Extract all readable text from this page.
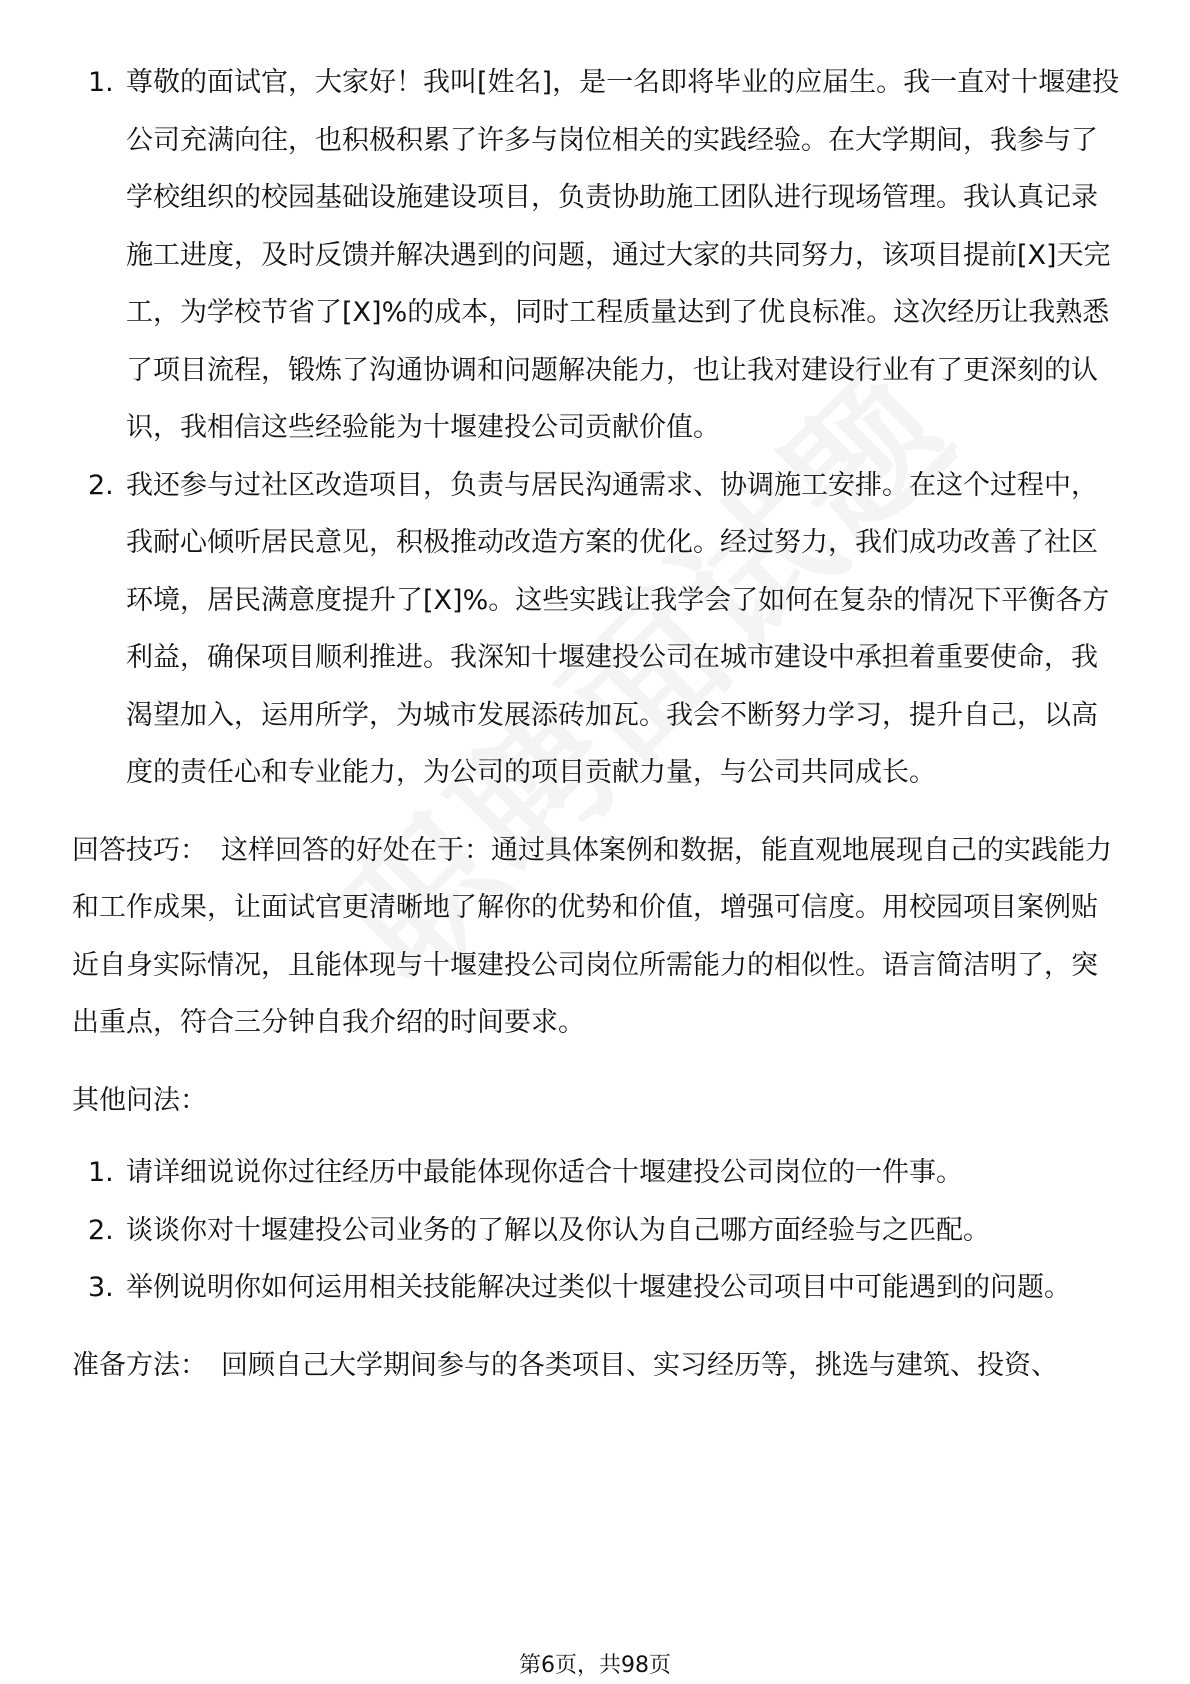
1. 尊敬的面试官，大家好！我叫[姓名]，是一名即将毕业的应届生。我一直对十堰建投公司充满向往，也积极积累了许多与岗位相关的实践经验。在大学期间，我参与了学校组织的校园基础设施建设项目，负责协助施工团队进行现场管理。我认真记录施工进度，及时反馈并解决遇到的问题，通过大家的共同努力，该项目提前[X]天完工，为学校节省了[X]%的成本，同时工程质量达到了优良标准。这次经历让我熟悉了项目流程，锻炼了沟通协调和问题解决能力，也让我对建设行业有了更深刻的认识，我相信这些经验能为十堰建投公司贡献价值。
2. 我还参与过社区改造项目，负责与居民沟通需求、协调施工安排。在这个过程中，我耐心倾听居民意见，积极推动改造方案的优化。经过努力，我们成功改善了社区环境，居民满意度提升了[X]%。这些实践让我学会了如何在复杂的情况下平衡各方利益，确保项目顺利推进。我深知十堰建投公司在城市建设中承担着重要使命，我渴望加入，运用所学，为城市发展添砖加瓦。我会不断努力学习，提升自己，以高度的责任心和专业能力，为公司的项目贡献力量，与公司共同成长。

回答技巧： 这样回答的好处在于：通过具体案例和数据，能直观地展现自己的实践能力和工作成果，让面试官更清晰地了解你的优势和价值，增强可信度。用校园项目案例贴近自身实际情况，且能体现与十堰建投公司岗位所需能力的相似性。语言简洁明了，突出重点，符合三分钟自我介绍的时间要求。

其他问法：

1. 请详细说说你过往经历中最能体现你适合十堰建投公司岗位的一件事。
2. 谈谈你对十堰建投公司业务的了解以及你认为自己哪方面经验与之匹配。
3. 举例说明你如何运用相关技能解决过类似十堰建投公司项目中可能遇到的问题。

准备方法： 回顾自己大学期间参与的各类项目、实习经历等，挑选与建筑、投资、

第6页，共98页
